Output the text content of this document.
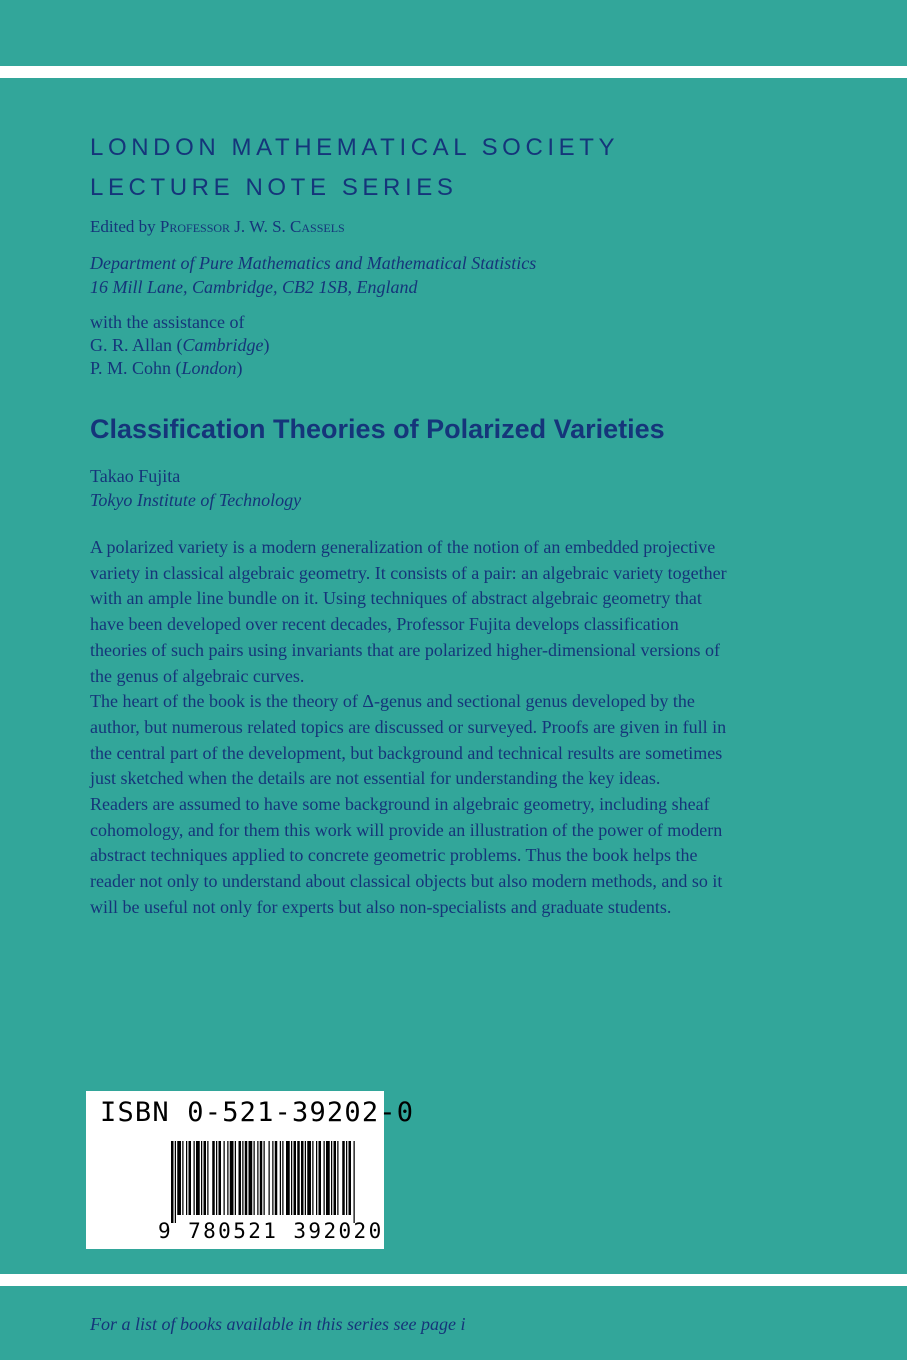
LONDON MATHEMATICAL SOCIETY
LECTURE NOTE SERIES
Edited by Professor J. W. S. Cassels
Department of Pure Mathematics and Mathematical Statistics
16 Mill Lane, Cambridge, CB2 1SB, England
with the assistance of
G. R. Allan (Cambridge)
P. M. Cohn (London)
Classification Theories of Polarized Varieties
Takao Fujita
Tokyo Institute of Technology

A polarized variety is a modern generalization of the notion of an embedded projective variety in classical algebraic geometry. It consists of a pair: an algebraic variety together with an ample line bundle on it. Using techniques of abstract algebraic geometry that have been developed over recent decades, Professor Fujita develops classification theories of such pairs using invariants that are polarized higher-dimensional versions of the genus of algebraic curves.

The heart of the book is the theory of Δ-genus and sectional genus developed by the author, but numerous related topics are discussed or surveyed. Proofs are given in full in the central part of the development, but background and technical results are sometimes just sketched when the details are not essential for understanding the key ideas.

Readers are assumed to have some background in algebraic geometry, including sheaf cohomology, and for them this work will provide an illustration of the power of modern abstract techniques applied to concrete geometric problems. Thus the book helps the reader not only to understand about classical objects but also modern methods, and so it will be useful not only for experts but also non-specialists and graduate students.

ISBN 0-521-39202-0
9 780521 392020
For a list of books available in this series see page i
